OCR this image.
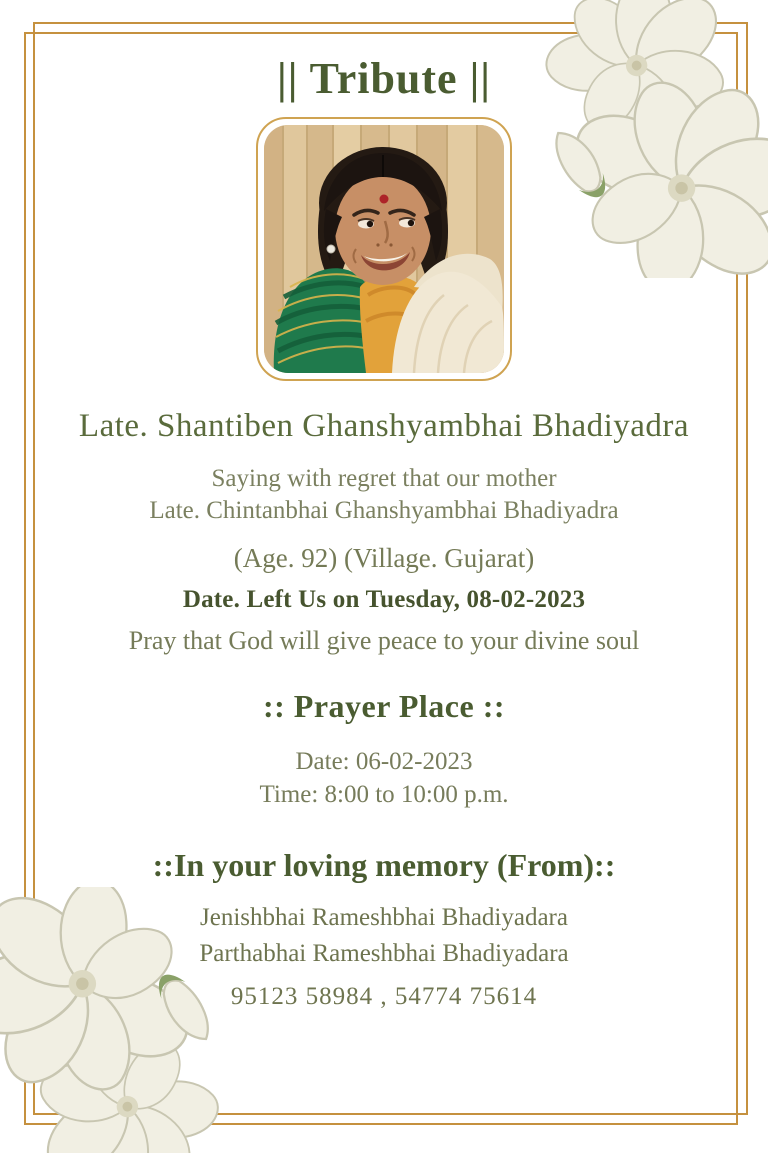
|| Tribute ||
Late. Shantiben Ghanshyambhai Bhadiyadra

Saying with regret that our mother

Late. Chintanbhai Ghanshyambhai Bhadiyadra

(Age. 92) (Village. Gujarat)

Date. Left Us on Tuesday, 08-02-2023

Pray that God will give peace to your divine soul

:: Prayer Place ::

Date: 06-02-2023

Time: 8:00 to 10:00 p.m.

::In your loving memory (From)::

Jenishbhai Rameshbhai Bhadiyadara

Parthabhai Rameshbhai Bhadiyadara

95123 58984 , 54774 75614
